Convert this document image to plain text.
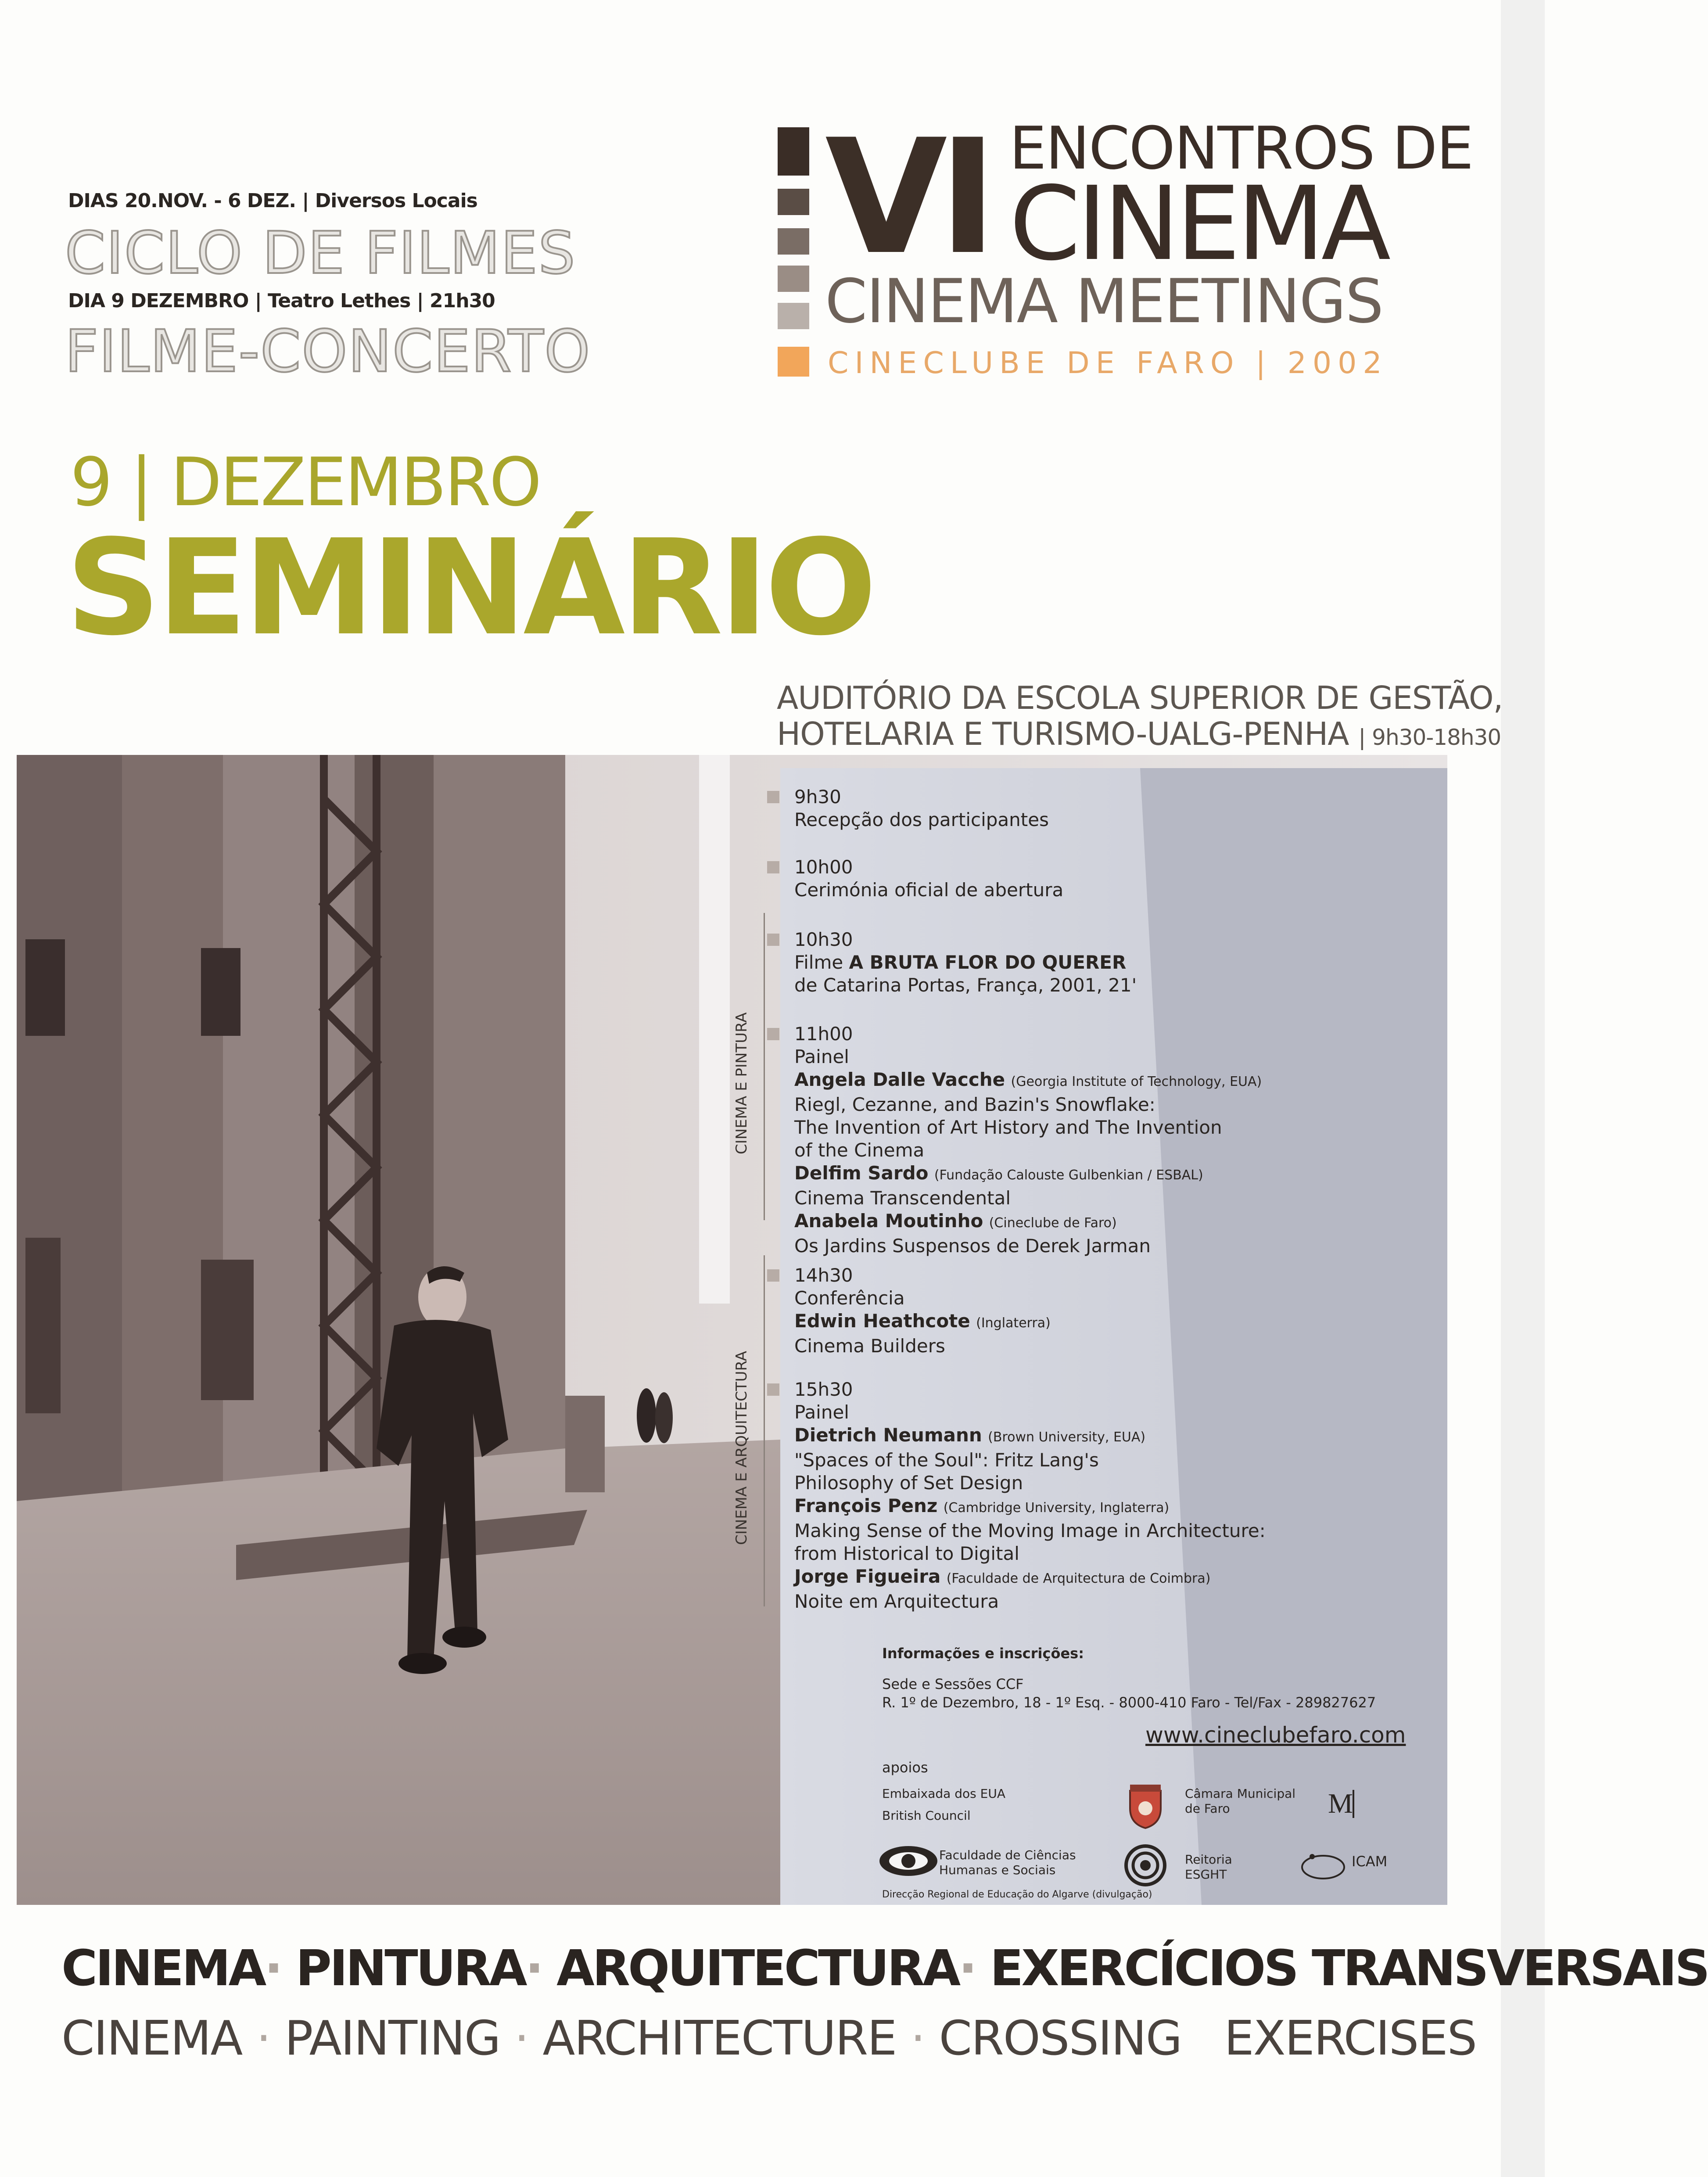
DIAS 20.NOV. - 6 DEZ. | Diversos Locais
CICLO DE FILMES
DIA 9 DEZEMBRO | Teatro Lethes | 21h30
FILME-CONCERTO
VI ENCONTROS DE
CINEMA
CINEMA MEETINGS
CINECLUBE DE FARO | 2002
9 | DEZEMBRO
SEMINÁRIO
AUDITÓRIO DA ESCOLA SUPERIOR DE GESTÃO,
HOTELARIA E TURISMO-UALG-PENHA | 9h30-18h30
CINEMA E PINTURA
CINEMA E ARQUITECTURA
9h30
Recepção dos participantes
10h00
Cerimónia oficial de abertura
10h30
Filme A BRUTA FLOR DO QUERER
de Catarina Portas, França, 2001, 21'
11h00
Painel
Angela Dalle Vacche (Georgia Institute of Technology, EUA)
Riegl, Cezanne, and Bazin's Snowflake:
The Invention of Art History and The Invention
of the Cinema
Delfim Sardo (Fundação Calouste Gulbenkian / ESBAL)
Cinema Transcendental
Anabela Moutinho (Cineclube de Faro)
Os Jardins Suspensos de Derek Jarman
14h30
Conferência
Edwin Heathcote (Inglaterra)
Cinema Builders
15h30
Painel
Dietrich Neumann (Brown University, EUA)
"Spaces of the Soul": Fritz Lang's
Philosophy of Set Design
François Penz (Cambridge University, Inglaterra)
Making Sense of the Moving Image in Architecture:
from Historical to Digital
Jorge Figueira (Faculdade de Arquitectura de Coimbra)
Noite em Arquitectura
Informações e inscrições:
Sede e Sessões CCF
R. 1º de Dezembro, 18 - 1º Esq. - 8000-410 Faro - Tel/Fax - 289827627
www.cineclubefaro.com
apoios
Embaixada dos EUA
British Council
Câmara Municipal
de Faro	M
Faculdade de Ciências
Humanas e Sociais
Reitoria
ESGHT
ICAM
Direcção Regional de Educação do Algarve (divulgação)
CINEMA· PINTURA· ARQUITECTURA· EXERCÍCIOS TRANSVERSAIS
CINEMA · PAINTING · ARCHITECTURE · CROSSING EXERCISES
